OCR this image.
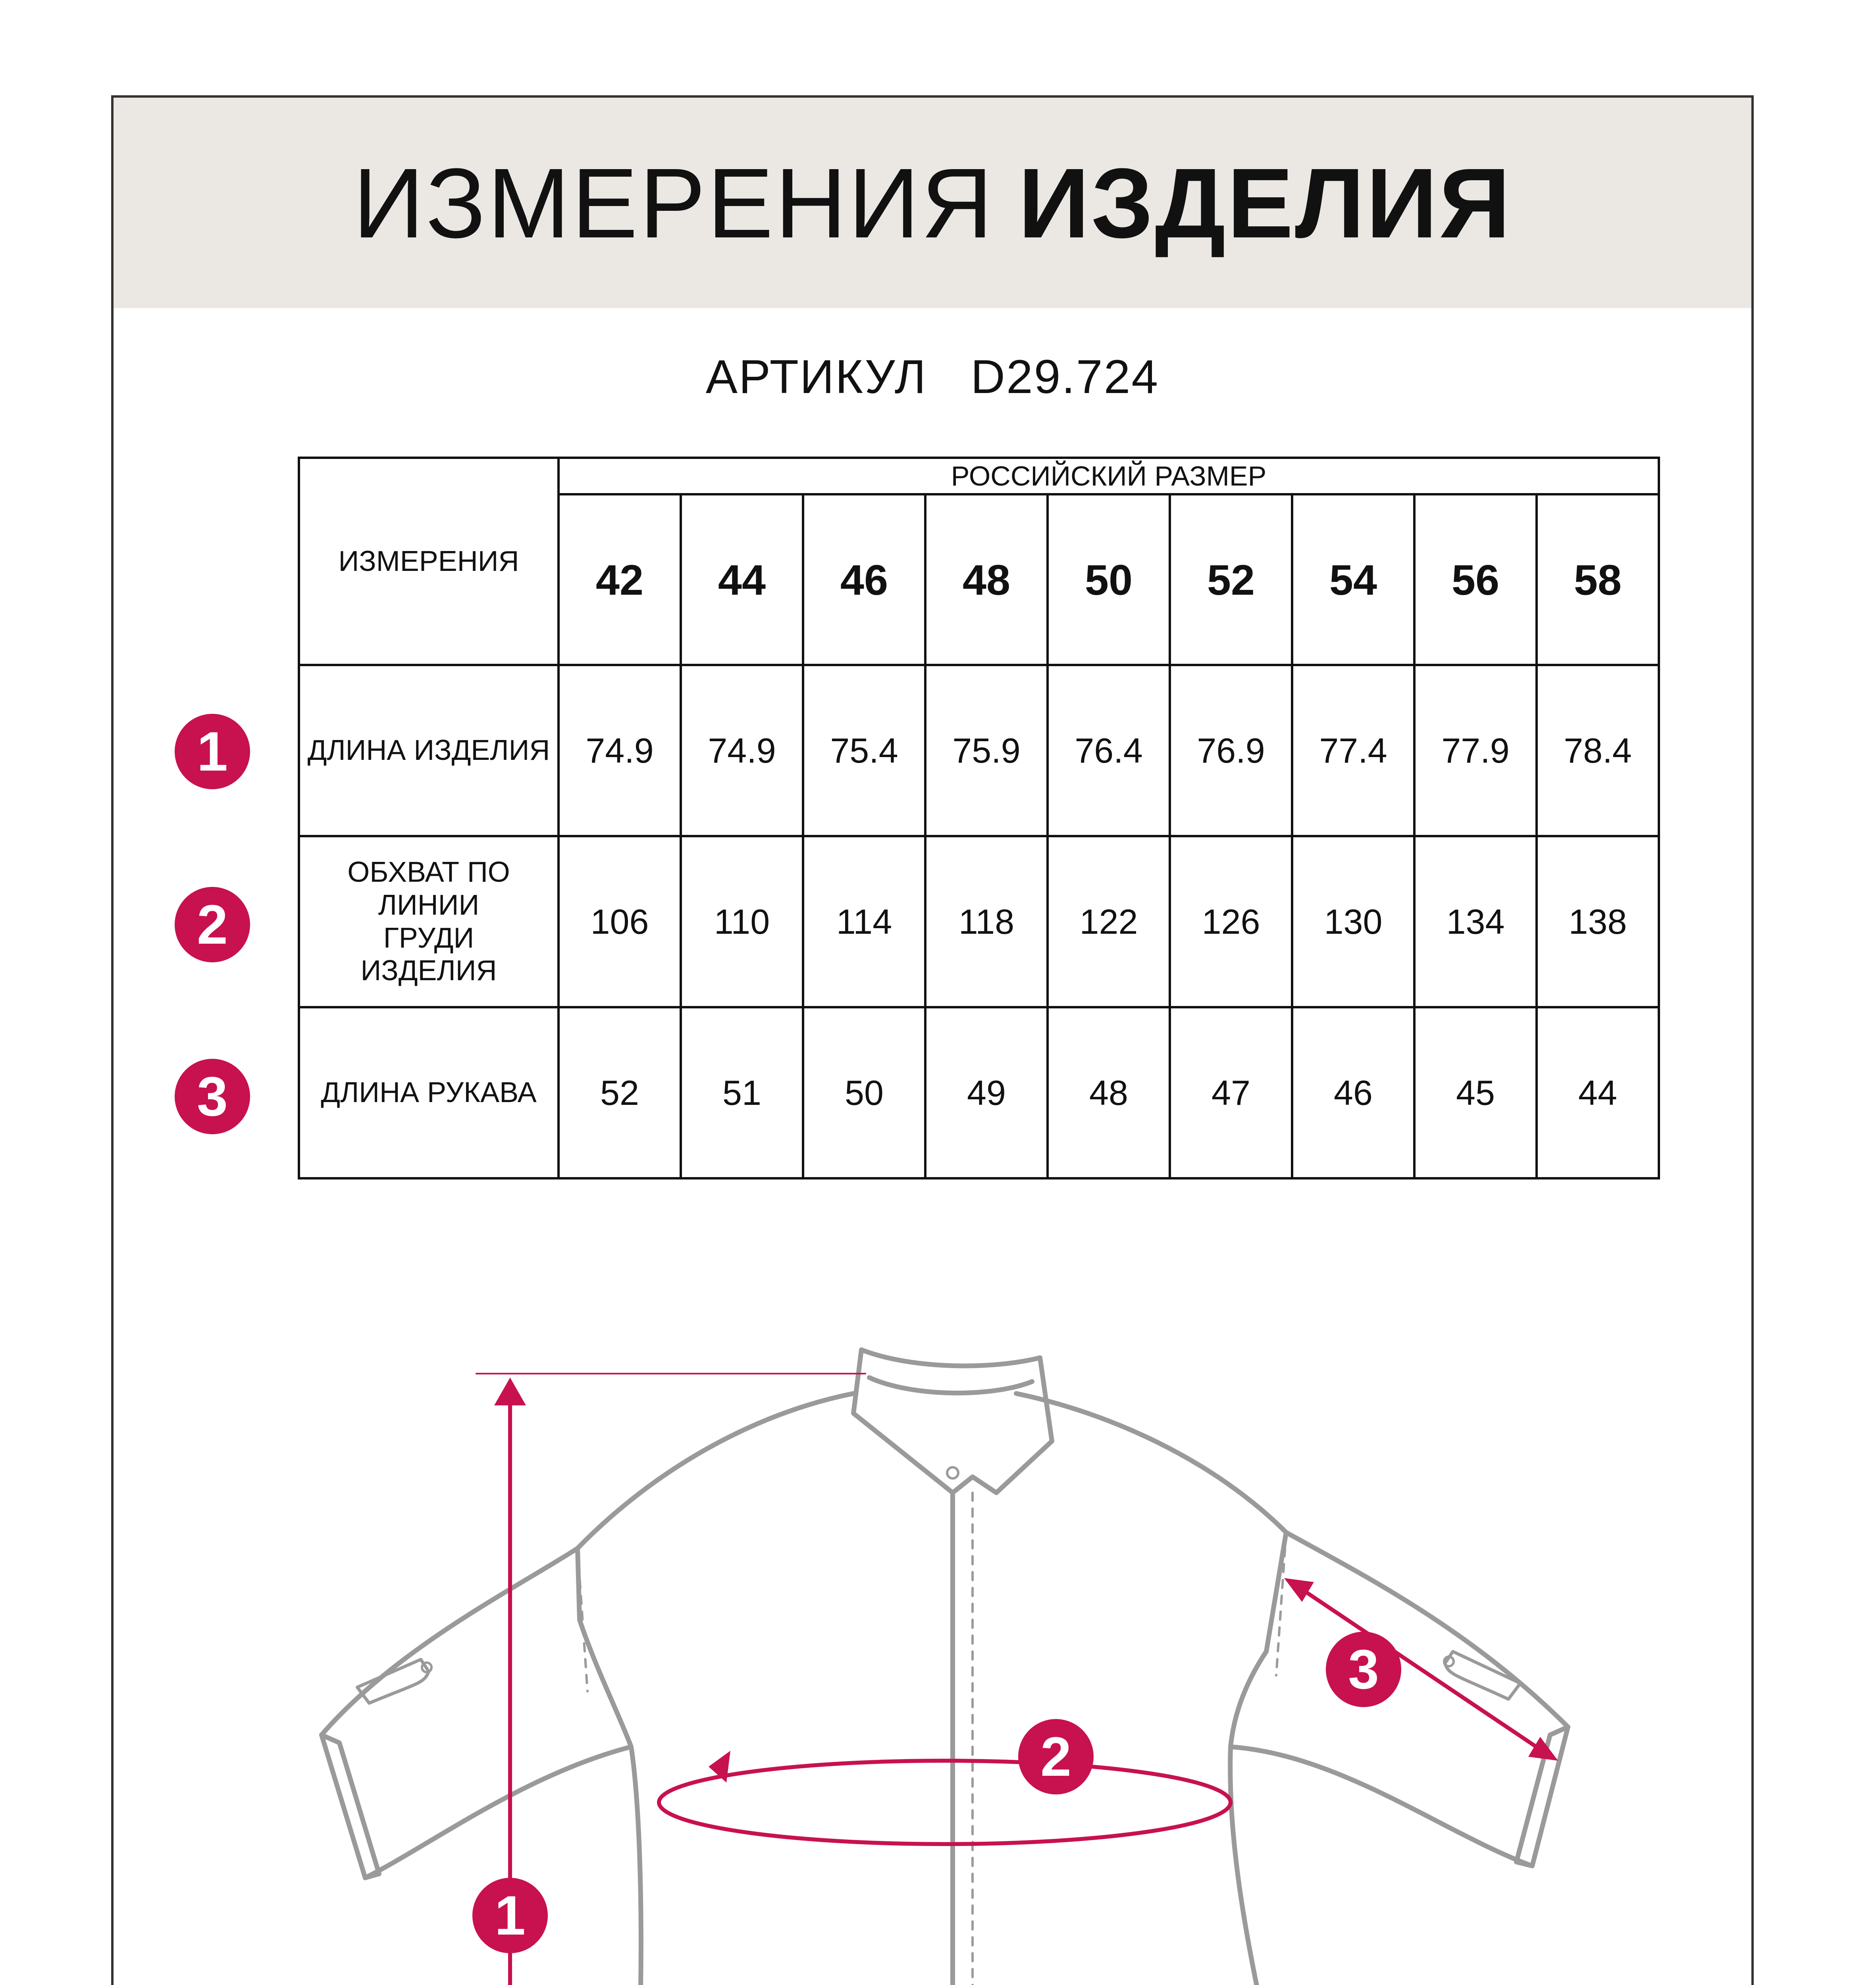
ИЗМЕРЕНИЯ ИЗДЕЛИЯ
АРТИКУЛ D29.724
ИЗМЕРЕНИЯ	РОССИЙСКИЙ РАЗМЕР								
	42	44	46	48	50	52	54	56	58
ДЛИНА ИЗДЕЛИЯ	74.9	74.9	75.4	75.9	76.4	76.9	77.4	77.9	78.4
ОБХВАТ ПО ЛИНИИ ГРУДИ ИЗДЕЛИЯ	106	110	114	118	122	126	130	134	138
ДЛИНА РУКАВА	52	51	50	49	48	47	46	45	44
1
2
3
1
2
3
